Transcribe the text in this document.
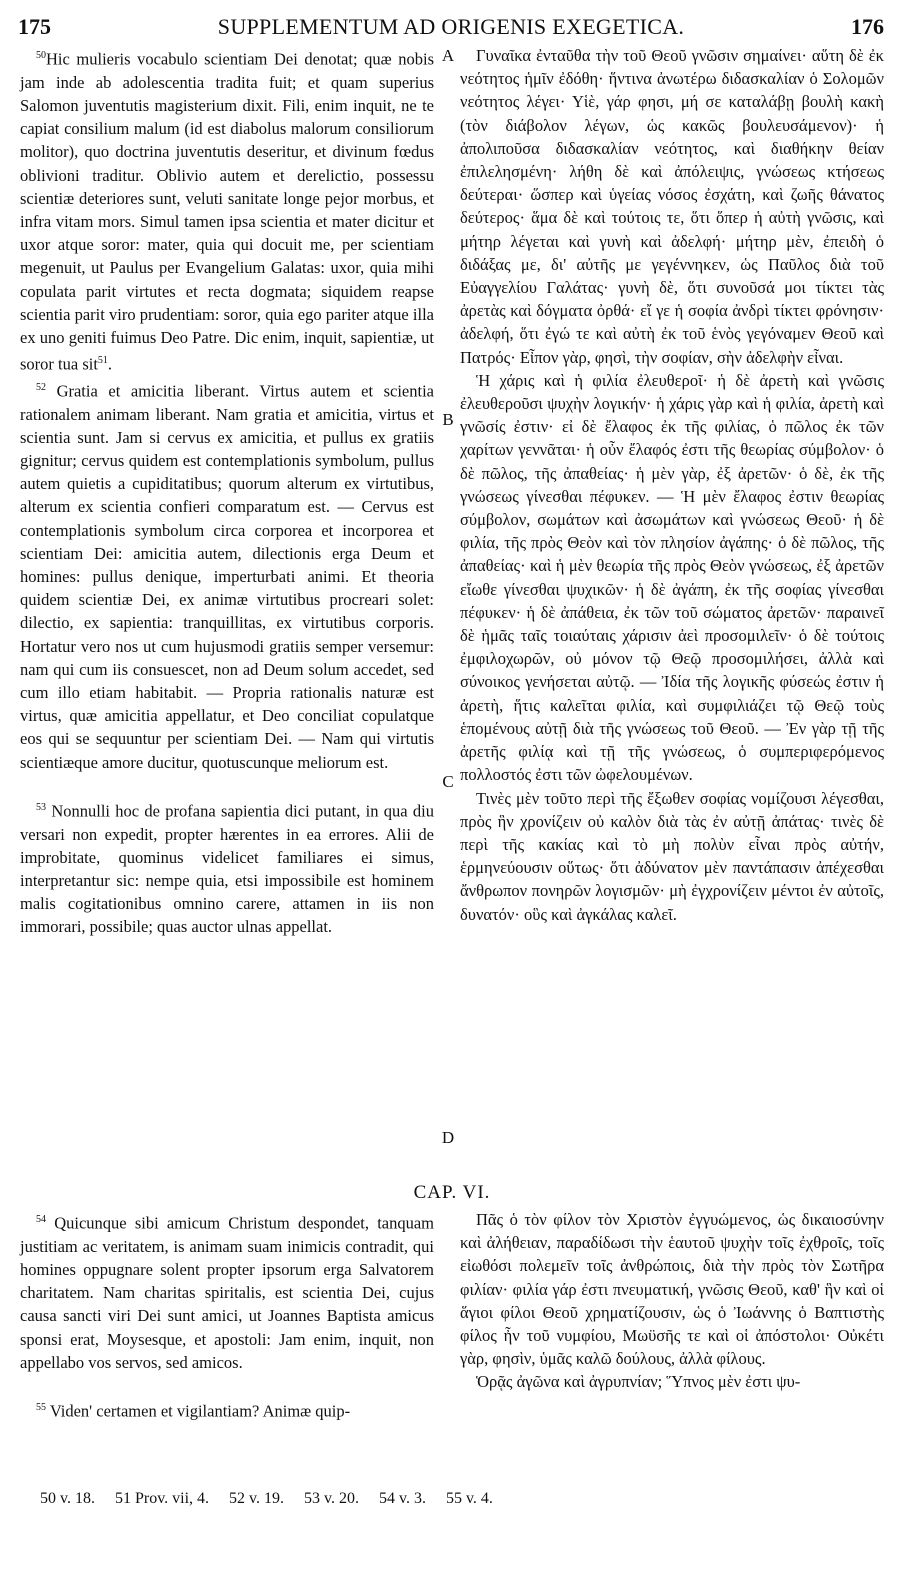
175	SUPPLEMENTUM AD ORIGENIS EXEGETICA.	176

$^{50}$Hic mulieris vocabulo scientiam Dei denotat; quæ nobis jam inde ab adolescentia tradita fuit; et quam superius Salomon juventutis magisterium dixit. Fili, enim inquit, ne te capiat consilium malum (id est diabolus malorum consiliorum molitor), quo doctrina juventutis deseritur, et divinum fœdus oblivioni traditur. Oblivio autem et derelictio, possessu scientiæ deteriores sunt, veluti sanitate longe pejor morbus, et infra vitam mors. Simul tamen ipsa scientia et mater dicitur et uxor atque soror: mater, quia qui docuit me, per scientiam megenuit, ut Paulus per Evangelium Galatas: uxor, quia mihi copulata parit virtutes et recta dogmata; siquidem reapse scientia parit viro prudentiam: soror, quia ego pariter atque illa ex uno geniti fuimus Deo Patre. Dic enim, inquit, sapientiæ, ut soror tua sit$^{51}$.

$^{52}$ Gratia et amicitia liberant. Virtus autem et scientia rationalem animam liberant. Nam gratia et amicitia, virtus et scientia sunt. Jam si cervus ex amicitia, et pullus ex gratiis gignitur; cervus quidem est contemplationis symbolum, pullus autem quietis a cupiditatibus; quorum alterum ex virtutibus, alterum ex scientia confieri comparatum est. — Cervus est contemplationis symbolum circa corporea et incorporea et scientiam Dei: amicitia autem, dilectionis erga Deum et homines: pullus denique, imperturbati animi. Et theoria quidem scientiæ Dei, ex animæ virtutibus procreari solet: dilectio, ex sapientia: tranquillitas, ex virtutibus corporis. Hortatur vero nos ut cum hujusmodi gratiis semper versemur: nam qui cum iis consuescet, non ad Deum solum accedet, sed cum illo etiam habitabit. — Propria rationalis naturæ est virtus, quæ amicitia appellatur, et Deo conciliat copulatque eos qui se sequuntur per scientiam Dei. — Nam qui virtutis scientiæque amore ducitur, quotuscunque meliorum est.

$^{53}$ Nonnulli hoc de profana sapientia dici putant, in qua diu versari non expedit, propter hærentes in ea errores. Alii de improbitate, quominus videlicet familiares ei simus, interpretantur sic: nempe quia, etsi impossibile est hominem malis cogitationibus omnino carere, attamen in iis non immorari, possibile; quas auctor ulnas appellat.

Γυναῖκα ἐνταῦθα τὴν τοῦ Θεοῦ γνῶσιν σημαίνει· αὕτη δὲ ἐκ νεότητος ἡμῖν ἐδόθη· ἥντινα ἀνωτέρω διδασκαλίαν ὁ Σολομῶν νεότητος λέγει· Υἱὲ, γάρ φησι, μή σε καταλάβῃ βουλὴ κακὴ (τὸν διάβολον λέγων, ὡς κακῶς βουλευσάμενον)· ἡ ἀπολιποῦσα διδασκαλίαν νεότητος, καὶ διαθήκην θείαν ἐπιλελησμένη· λήθη δὲ καὶ ἀπόλειψις, γνώσεως κτήσεως δεύτεραι· ὥσπερ καὶ ὑγείας νόσος ἐσχάτη, καὶ ζωῆς θάνατος δεύτερος· ἅμα δὲ καὶ τούτοις τε, ὅτι ὅπερ ἡ αὐτὴ γνῶσις, καὶ μήτηρ λέγεται καὶ γυνὴ καὶ ἀδελφή· μήτηρ μὲν, ἐπειδὴ ὁ διδάξας με, δι' αὐτῆς με γεγέννηκεν, ὡς Παῦλος διὰ τοῦ Εὐαγγελίου Γαλάτας· γυνὴ δὲ, ὅτι συνοῦσά μοι τίκτει τὰς ἀρετὰς καὶ δόγματα ὀρθά· εἴ γε ἡ σοφία ἀνδρὶ τίκτει φρόνησιν· ἀδελφή, ὅτι ἐγώ τε καὶ αὐτὴ ἐκ τοῦ ἑνὸς γεγόναμεν Θεοῦ καὶ Πατρός· Εἶπον γὰρ, φησὶ, τὴν σοφίαν, σὴν ἀδελφὴν εἶναι.

Ἡ χάρις καὶ ἡ φιλία ἐλευθεροῖ· ἡ δὲ ἀρετὴ καὶ γνῶσις ἐλευθεροῦσι ψυχὴν λογικήν· ἡ χάρις γὰρ καὶ ἡ φιλία, ἀρετὴ καὶ γνῶσίς ἐστιν· εἰ δὲ ἔλαφος ἐκ τῆς φιλίας, ὁ πῶλος ἐκ τῶν χαρίτων γεννᾶται· ἡ οὖν ἔλαφός ἐστι τῆς θεωρίας σύμβολον· ὁ δὲ πῶλος, τῆς ἀπαθείας· ἡ μὲν γὰρ, ἐξ ἀρετῶν· ὁ δὲ, ἐκ τῆς γνώσεως γίνεσθαι πέφυκεν. — Ἡ μὲν ἔλαφος ἐστιν θεωρίας σύμβολον, σωμάτων καὶ ἀσωμάτων καὶ γνώσεως Θεοῦ· ἡ δὲ φιλία, τῆς πρὸς Θεὸν καὶ τὸν πλησίον ἀγάπης· ὁ δὲ πῶλος, τῆς ἀπαθείας· καὶ ἡ μὲν θεωρία τῆς πρὸς Θεὸν γνώσεως, ἐξ ἀρετῶν εἴωθε γίνεσθαι ψυχικῶν· ἡ δὲ ἀγάπη, ἐκ τῆς σοφίας γίνεσθαι πέφυκεν· ἡ δὲ ἀπάθεια, ἐκ τῶν τοῦ σώματος ἀρετῶν· παραινεῖ δὲ ἡμᾶς ταῖς τοιαύταις χάρισιν ἀεὶ προσομιλεῖν· ὁ δὲ τούτοις ἐμφιλοχωρῶν, οὐ μόνον τῷ Θεῷ προσομιλήσει, ἀλλὰ καὶ σύνοικος γενήσεται αὐτῷ. — Ἰδία τῆς λογικῆς φύσεώς ἐστιν ἡ ἀρετὴ, ἥτις καλεῖται φιλία, καὶ συμφιλιάζει τῷ Θεῷ τοὺς ἑπομένους αὐτῇ διὰ τῆς γνώσεως τοῦ Θεοῦ. — Ἐν γὰρ τῇ τῆς ἀρετῆς φιλίᾳ καὶ τῇ τῆς γνώσεως, ὁ συμπεριφερόμενος πολλοστός ἐστι τῶν ὠφελουμένων.

Τινὲς μὲν τοῦτο περὶ τῆς ἔξωθεν σοφίας νομίζουσι λέγεσθαι, πρὸς ἣν χρονίζειν οὐ καλὸν διὰ τὰς ἐν αὐτῇ ἀπάτας· τινὲς δὲ περὶ τῆς κακίας καὶ τὸ μὴ πολὺν εἶναι πρὸς αὐτήν, ἑρμηνεύουσιν οὕτως· ὅτι ἀδύνατον μὲν παντάπασιν ἀπέχεσθαι ἄνθρωπον πονηρῶν λογισμῶν· μὴ ἐγχρονίζειν μέντοι ἐν αὐτοῖς, δυνατόν· οὓς καὶ ἀγκάλας καλεῖ.

A
B
C
D
CAP. VI.

$^{54}$ Quicunque sibi amicum Christum despondet, tanquam justitiam ac veritatem, is animam suam inimicis contradit, qui homines oppugnare solent propter ipsorum erga Salvatorem charitatem. Nam charitas spiritalis, est scientia Dei, cujus causa sancti viri Dei sunt amici, ut Joannes Baptista amicus sponsi erat, Moysesque, et apostoli: Jam enim, inquit, non appellabo vos servos, sed amicos.

$^{55}$ Viden' certamen et vigilantiam? Animæ quip-

Πᾶς ὁ τὸν φίλον τὸν Χριστὸν ἐγγυώμενος, ὡς δικαιοσύνην καὶ ἀλήθειαν, παραδίδωσι τὴν ἑαυτοῦ ψυχὴν τοῖς ἐχθροῖς, τοῖς εἰωθόσι πολεμεῖν τοῖς ἀνθρώποις, διὰ τὴν πρὸς τὸν Σωτῆρα φιλίαν· φιλία γάρ ἐστι πνευματική, γνῶσις Θεοῦ, καθ' ἣν καὶ οἱ ἅγιοι φίλοι Θεοῦ χρηματίζουσιν, ὡς ὁ Ἰωάννης ὁ Βαπτιστὴς φίλος ἦν τοῦ νυμφίου, Μωϋσῆς τε καὶ οἱ ἀπόστολοι· Οὐκέτι γὰρ, φησὶν, ὑμᾶς καλῶ δούλους, ἀλλὰ φίλους.

Ὁρᾷς ἀγῶνα καὶ ἀγρυπνίαν; Ὕπνος μὲν ἐστι ψυ-

50 v. 18. 51 Prov. vii, 4. 52 v. 19. 53 v. 20. 54 v. 3. 55 v. 4.
